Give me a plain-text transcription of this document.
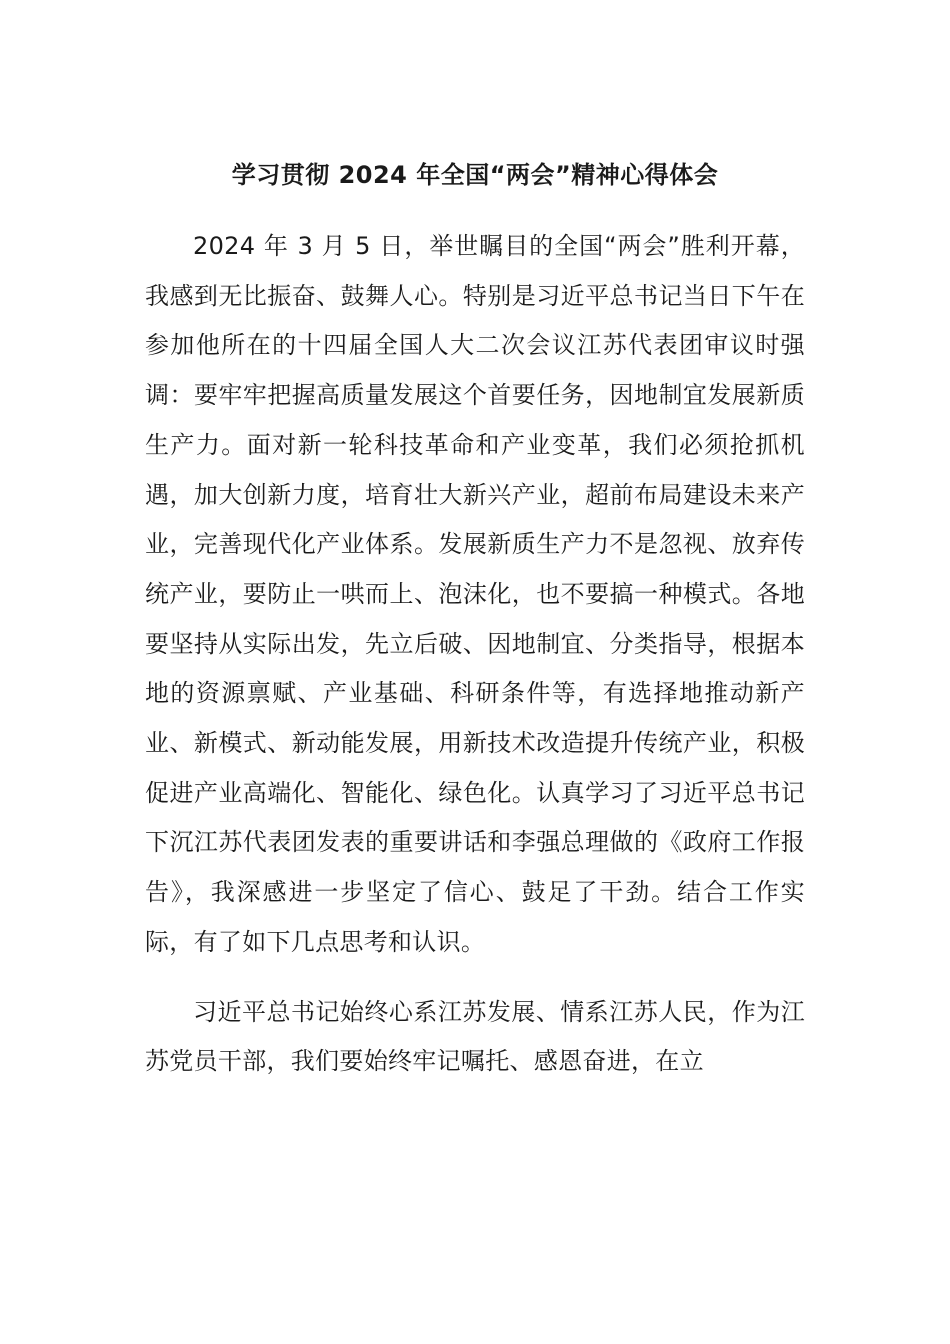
学习贯彻 2024 年全国“两会”精神心得体会

2024 年 3 月 5 日，举世瞩目的全国“两会”胜利开幕，我感到无比振奋、鼓舞人心。特别是习近平总书记当日下午在参加他所在的十四届全国人大二次会议江苏代表团审议时强调：要牢牢把握高质量发展这个首要任务，因地制宜发展新质生产力。面对新一轮科技革命和产业变革，我们必须抢抓机遇，加大创新力度，培育壮大新兴产业，超前布局建设未来产业，完善现代化产业体系。发展新质生产力不是忽视、放弃传统产业，要防止一哄而上、泡沫化，也不要搞一种模式。各地要坚持从实际出发，先立后破、因地制宜、分类指导，根据本地的资源禀赋、产业基础、科研条件等，有选择地推动新产业、新模式、新动能发展，用新技术改造提升传统产业，积极促进产业高端化、智能化、绿色化。认真学习了习近平总书记下沉江苏代表团发表的重要讲话和李强总理做的《政府工作报告》，我深感进一步坚定了信心、鼓足了干劲。结合工作实际，有了如下几点思考和认识。

习近平总书记始终心系江苏发展、情系江苏人民，作为江苏党员干部，我们要始终牢记嘱托、感恩奋进，在立
